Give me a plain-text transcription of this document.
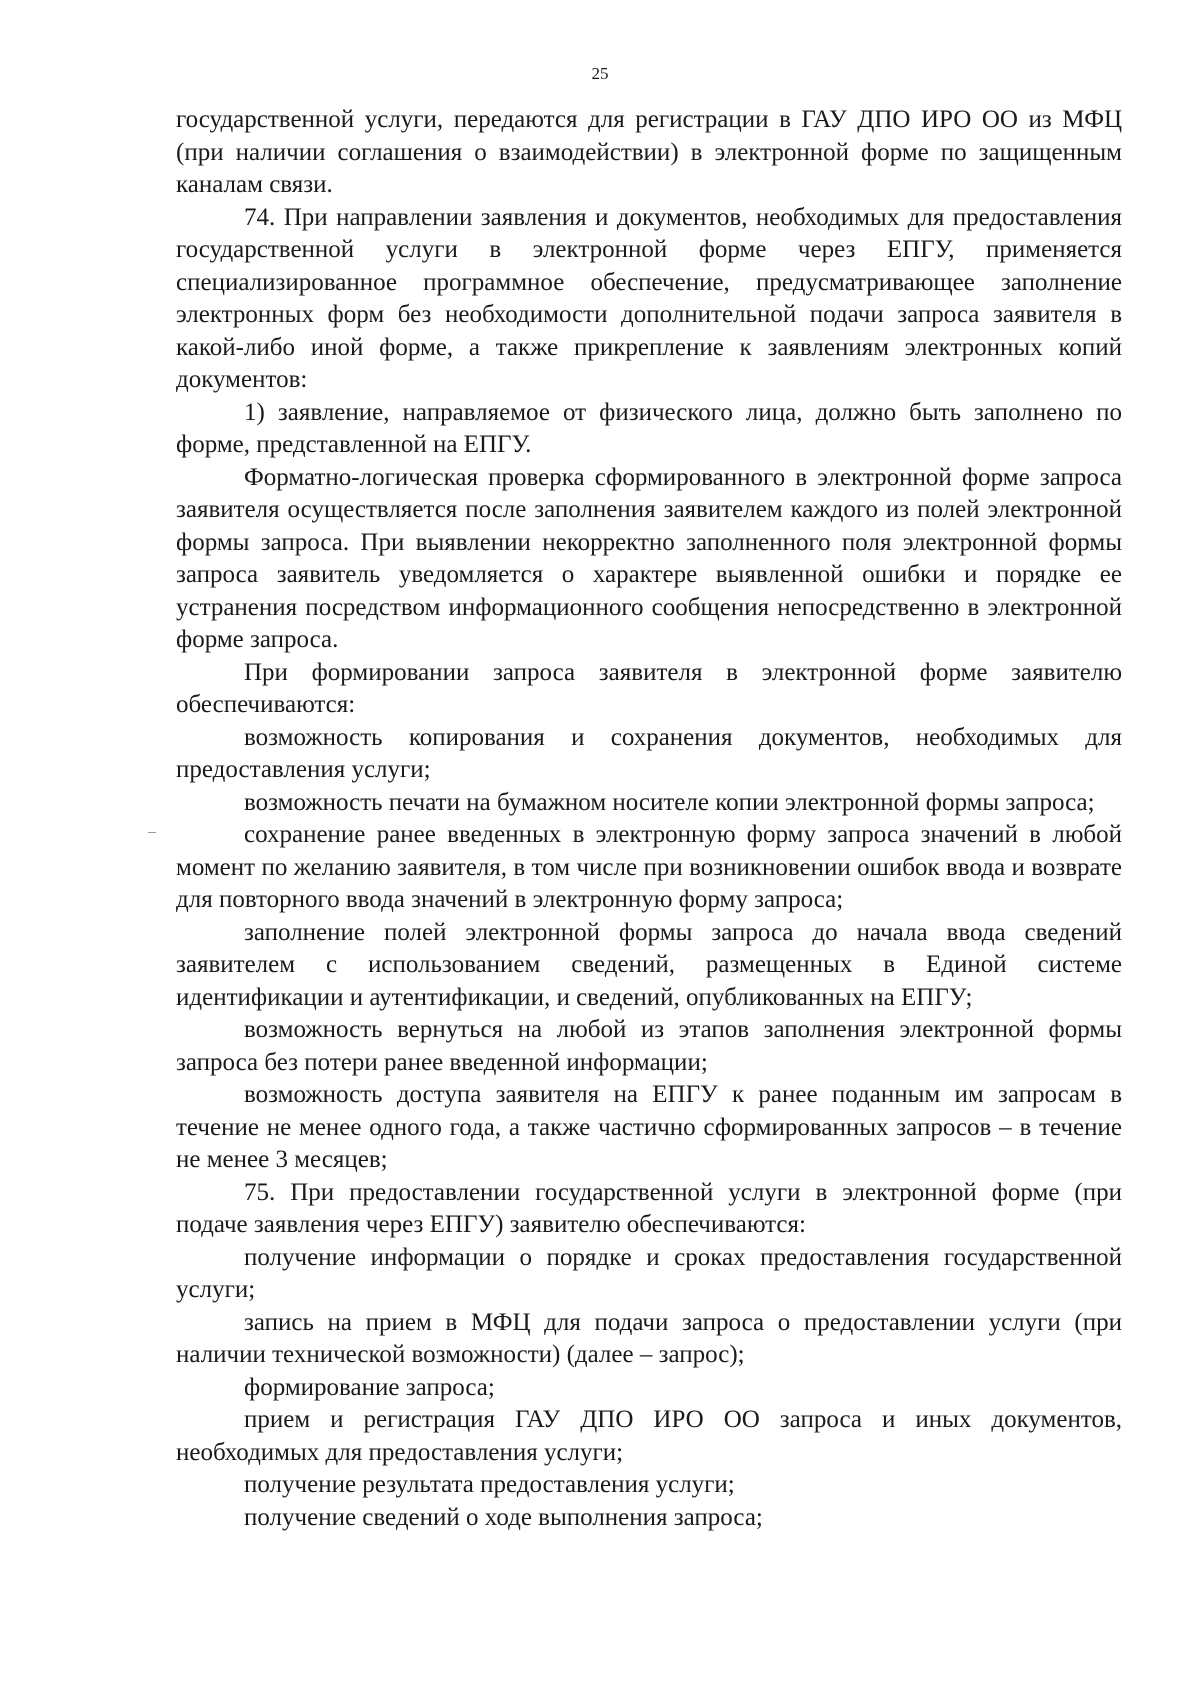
25

государственной услуги, передаются для регистрации в ГАУ ДПО ИРО ОО из МФЦ (при наличии соглашения о взаимодействии) в электронной форме по защищенным каналам связи.

74. При направлении заявления и документов, необходимых для предоставления государственной услуги в электронной форме через ЕПГУ, применяется специализированное программное обеспечение, предусматривающее заполнение электронных форм без необходимости дополнительной подачи запроса заявителя в какой-либо иной форме, а также прикрепление к заявлениям электронных копий документов:

1) заявление, направляемое от физического лица, должно быть заполнено по форме, представленной на ЕПГУ.

Форматно-логическая проверка сформированного в электронной форме запроса заявителя осуществляется после заполнения заявителем каждого из полей электронной формы запроса. При выявлении некорректно заполненного поля электронной формы запроса заявитель уведомляется о характере выявленной ошибки и порядке ее устранения посредством информационного сообщения непосредственно в электронной форме запроса.

При формировании запроса заявителя в электронной форме заявителю обеспечиваются:

возможность копирования и сохранения документов, необходимых для предоставления услуги;

возможность печати на бумажном носителе копии электронной формы запроса;

сохранение ранее введенных в электронную форму запроса значений в любой момент по желанию заявителя, в том числе при возникновении ошибок ввода и возврате для повторного ввода значений в электронную форму запроса;

заполнение полей электронной формы запроса до начала ввода сведений заявителем с использованием сведений, размещенных в Единой системе идентификации и аутентификации, и сведений, опубликованных на ЕПГУ;

возможность вернуться на любой из этапов заполнения электронной формы запроса без потери ранее введенной информации;

возможность доступа заявителя на ЕПГУ к ранее поданным им запросам в течение не менее одного года, а также частично сформированных запросов – в течение не менее 3 месяцев;

75. При предоставлении государственной услуги в электронной форме (при подаче заявления через ЕПГУ) заявителю обеспечиваются:

получение информации о порядке и сроках предоставления государственной услуги;

запись на прием в МФЦ для подачи запроса о предоставлении услуги (при наличии технической возможности) (далее – запрос);

формирование запроса;

прием и регистрация ГАУ ДПО ИРО ОО запроса и иных документов, необходимых для предоставления услуги;

получение результата предоставления услуги;

получение сведений о ходе выполнения запроса;
